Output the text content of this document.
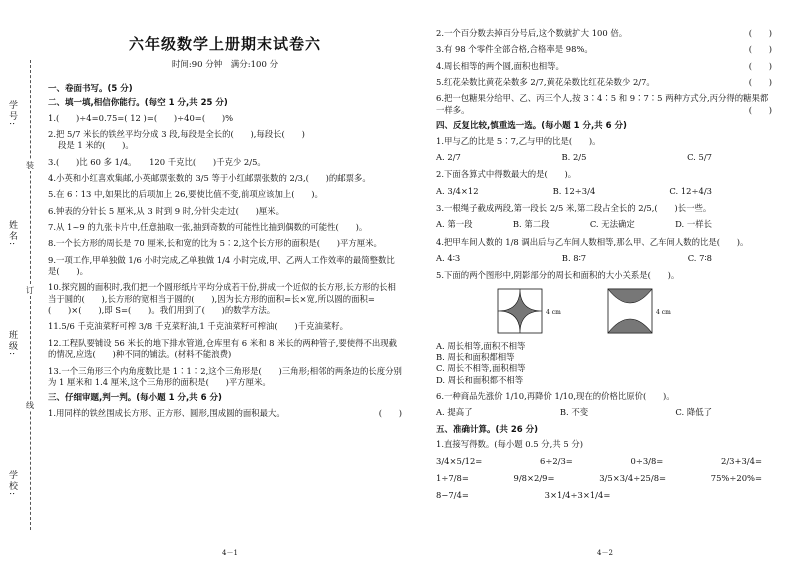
学校:
班级:
姓名:
学号:
装
订
线
六年级数学上册期末试卷六
时间:90 分钟　满分:100 分
一、卷面书写。(5 分)
二、填一填,相信你能行。(每空 1 分,共 25 分)
1.(　　)÷4=0.75=( 12 )=(　　)÷40=(　　)%
2.把 5/7 米长的铁丝平均分成 3 段,每段是全长的(　　),每段长(　　)
段是 1 米的(　　)。
3.(　　)比 60 多 1/4。　　120 千克比(　　)千克少 2/5。
4.小英和小红喜欢集邮,小英邮票张数的 3/5 等于小红邮票张数的 2/3,(　　)的邮票多。
5.在 6∶13 中,如果比的后项加上 26,要使比值不变,前项应该加上(　　)。
6.钟表的分针长 5 厘米,从 3 时到 9 时,分针尖走过(　　)厘米。
7.从 1~9 的九张卡片中,任意抽取一张,抽到奇数的可能性比抽到偶数的可能性(　　)。
8.一个长方形的周长是 70 厘米,长和宽的比为 5∶2,这个长方形的面积是(　　)平方厘米。
9.一项工作,甲单独做 1/6 小时完成,乙单独做 1/4 小时完成,甲、乙两人工作效率的最简整数比是(　　)。
10.探究圆的面积时,我们把一个圆形纸片平均分成若干份,拼成一个近似的长方形,长方形的长相当于圆的(　　),长方形的宽相当于圆的(　　),因为长方形的面积=长×宽,所以圆的面积=(　　)×(　　),即 S=(　　)。我们用到了(　　)的数学方法。
11.5/6 千克油菜籽可榨 3/8 千克菜籽油,1 千克油菜籽可榨油(　　)千克油菜籽。
12.工程队要铺设 56 米长的地下排水管道,仓库里有 6 米和 8 米长的两种管子,要使得不出现截的情况,应选(　　)种不同的铺法。(材料不能浪费)
13.一个三角形三个内角度数比是 1∶1∶2,这个三角形是(　　)三角形;相邻的两条边的长度分别为 1 厘米和 1.4 厘米,这个三角形的面积是(　　)平方厘米。
三、仔细审题,判一判。(每小题 1 分,共 6 分)
1.用同样的铁丝围成长方形、正方形、圆形,围成圆的面积最大。	(　　)
4－1
2.一个百分数去掉百分号后,这个数就扩大 100 倍。	(　　)
3.有 98 个零件全部合格,合格率是 98%。	(　　)
4.周长相等的两个圆,面积也相等。	(　　)
5.红花朵数比黄花朵数多 2/7,黄花朵数比红花朵数少 2/7。	(　　)
6.把一包糖果分给甲、乙、丙三个人,按 3∶4∶5 和 9∶7∶5 两种方式分,丙分得的糖果都一样多。	(　　)
四、反复比较,慎重选一选。(每小题 1 分,共 6 分)
1.甲与乙的比是 5∶7,乙与甲的比是(　　)。
A. 2/7	B. 2/5	C. 5/7
2.下面各算式中得数最大的是(　　)。
A. 3/4×12	B. 12÷3/4	C. 12÷4/3
3.一根绳子截成两段,第一段长 2/5 米,第二段占全长的 2/5,(　　)长一些。
A. 第一段	B. 第二段	C. 无法确定	D. 一样长
4.把甲车间人数的 1/8 调出后与乙车间人数相等,那么甲、乙车间人数的比是(　　)。
A. 4∶3	B. 8∶7	C. 7∶8
5.下面的两个图形中,阴影部分的周长和面积的大小关系是(　　)。
4 cm	4 cm
A. 周长相等,面积不相等
B. 周长和面积都相等
C. 周长不相等,面积相等
D. 周长和面积都不相等
6.一种商品先涨价 1/10,再降价 1/10,现在的价格比原价(　　)。
A. 提高了	B. 不变	C. 降低了
五、准确计算。(共 26 分)
1.直接写得数。(每小题 0.5 分,共 5 分)
3/4×5/12=	6÷2/3=	0÷3/8=	2/3+3/4=
1÷7/8=	9/8×2/9=	3/5×3/4÷25/8=	75%÷20%=
8−7/4=	3×1/4÷3×1/4=
4－2
